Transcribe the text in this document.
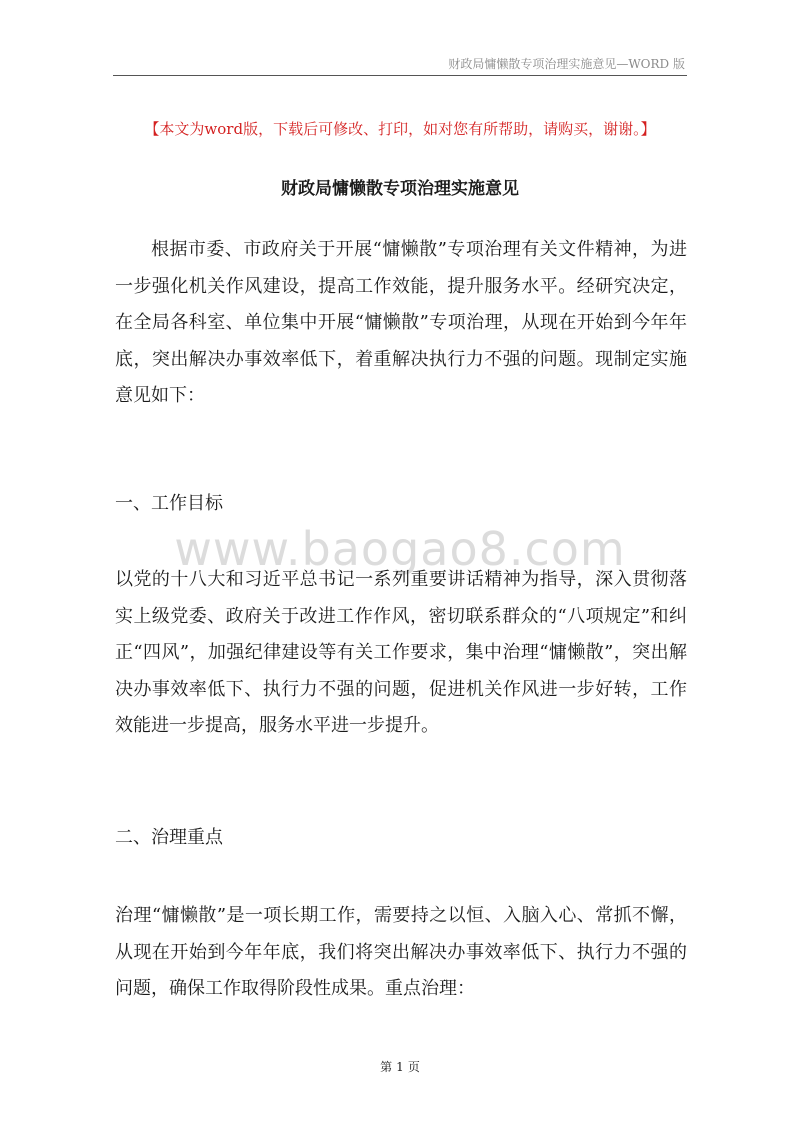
财政局慵懒散专项治理实施意见—WORD 版
【本文为word版，下载后可修改、打印，如对您有所帮助，请购买，谢谢。】
财政局慵懒散专项治理实施意见

根据市委、市政府关于开展“慵懒散”专项治理有关文件精神，为进一步强化机关作风建设，提高工作效能，提升服务水平。经研究决定，在全局各科室、单位集中开展“慵懒散”专项治理，从现在开始到今年年底，突出解决办事效率低下，着重解决执行力不强的问题。现制定实施意见如下：

一、工作目标

www.baogao8.com

以党的十八大和习近平总书记一系列重要讲话精神为指导，深入贯彻落实上级党委、政府关于改进工作作风，密切联系群众的“八项规定”和纠正“四风”，加强纪律建设等有关工作要求，集中治理“慵懒散”，突出解决办事效率低下、执行力不强的问题，促进机关作风进一步好转，工作效能进一步提高，服务水平进一步提升。

二、治理重点

治理“慵懒散”是一项长期工作，需要持之以恒、入脑入心、常抓不懈，从现在开始到今年年底，我们将突出解决办事效率低下、执行力不强的问题，确保工作取得阶段性成果。重点治理：

第 1 页
